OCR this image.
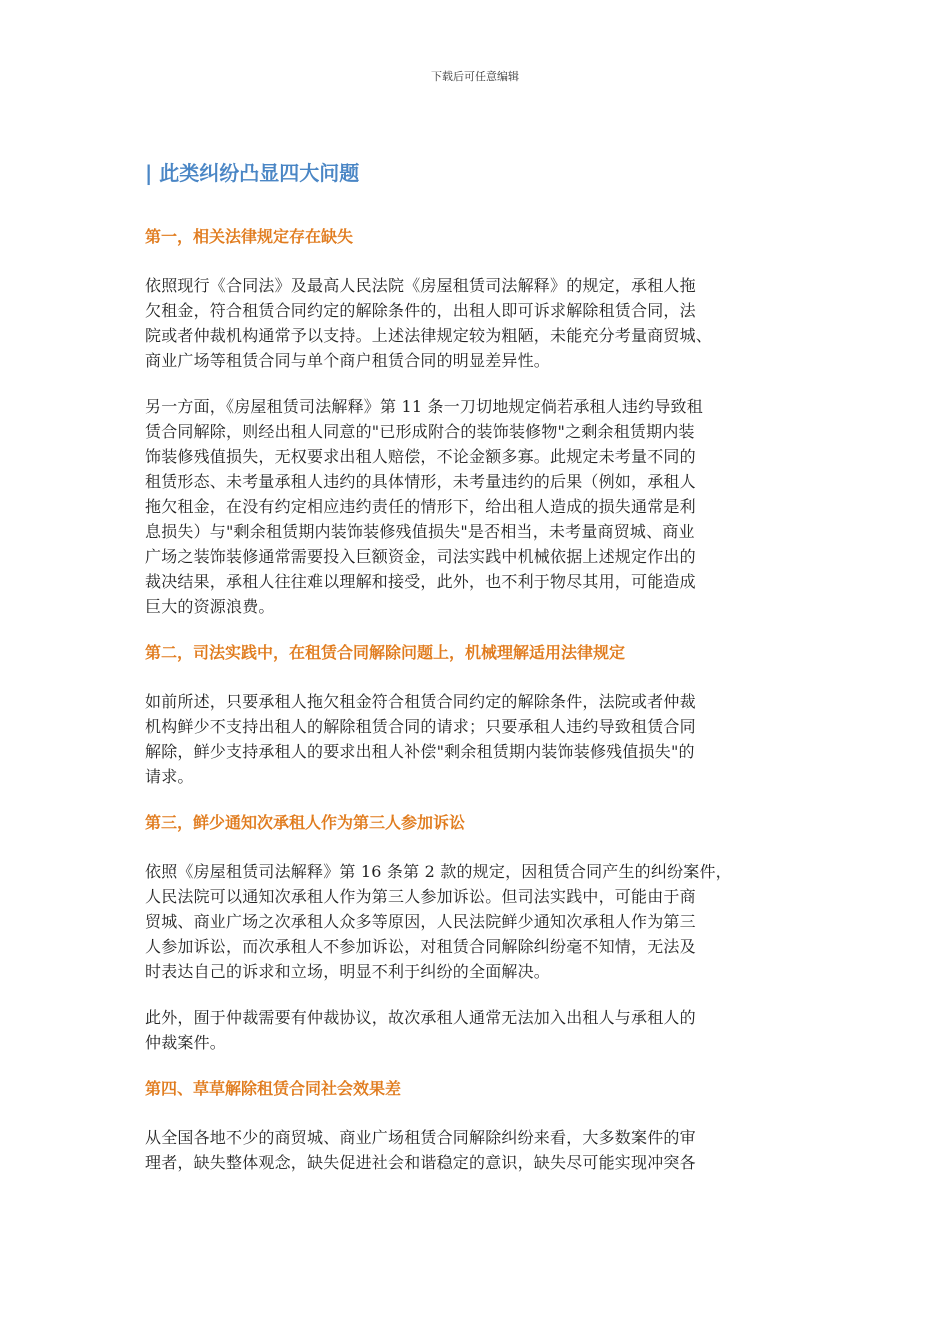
下载后可任意编辑
| 此类纠纷凸显四大问题
第一，相关法律规定存在缺失

依照现行《合同法》及最高人民法院《房屋租赁司法解释》的规定，承租人拖
欠租金，符合租赁合同约定的解除条件的，出租人即可诉求解除租赁合同，法
院或者仲裁机构通常予以支持。上述法律规定较为粗陋，未能充分考量商贸城、
商业广场等租赁合同与单个商户租赁合同的明显差异性。

另一方面，《房屋租赁司法解释》第 11 条一刀切地规定倘若承租人违约导致租
赁合同解除，则经出租人同意的"已形成附合的装饰装修物"之剩余租赁期内装
饰装修残值损失，无权要求出租人赔偿，不论金额多寡。此规定未考量不同的
租赁形态、未考量承租人违约的具体情形，未考量违约的后果（例如，承租人
拖欠租金，在没有约定相应违约责任的情形下，给出租人造成的损失通常是利
息损失）与"剩余租赁期内装饰装修残值损失"是否相当，未考量商贸城、商业
广场之装饰装修通常需要投入巨额资金，司法实践中机械依据上述规定作出的
裁决结果，承租人往往难以理解和接受，此外，也不利于物尽其用，可能造成
巨大的资源浪费。

第二，司法实践中，在租赁合同解除问题上，机械理解适用法律规定

如前所述，只要承租人拖欠租金符合租赁合同约定的解除条件，法院或者仲裁
机构鲜少不支持出租人的解除租赁合同的请求；只要承租人违约导致租赁合同
解除，鲜少支持承租人的要求出租人补偿"剩余租赁期内装饰装修残值损失"的
请求。

第三，鲜少通知次承租人作为第三人参加诉讼

依照《房屋租赁司法解释》第 16 条第 2 款的规定，因租赁合同产生的纠纷案件，
人民法院可以通知次承租人作为第三人参加诉讼。但司法实践中，可能由于商
贸城、商业广场之次承租人众多等原因，人民法院鲜少通知次承租人作为第三
人参加诉讼，而次承租人不参加诉讼，对租赁合同解除纠纷毫不知情，无法及
时表达自己的诉求和立场，明显不利于纠纷的全面解决。

此外，囿于仲裁需要有仲裁协议，故次承租人通常无法加入出租人与承租人的
仲裁案件。

第四、草草解除租赁合同社会效果差

从全国各地不少的商贸城、商业广场租赁合同解除纠纷来看，大多数案件的审
理者，缺失整体观念，缺失促进社会和谐稳定的意识，缺失尽可能实现冲突各
